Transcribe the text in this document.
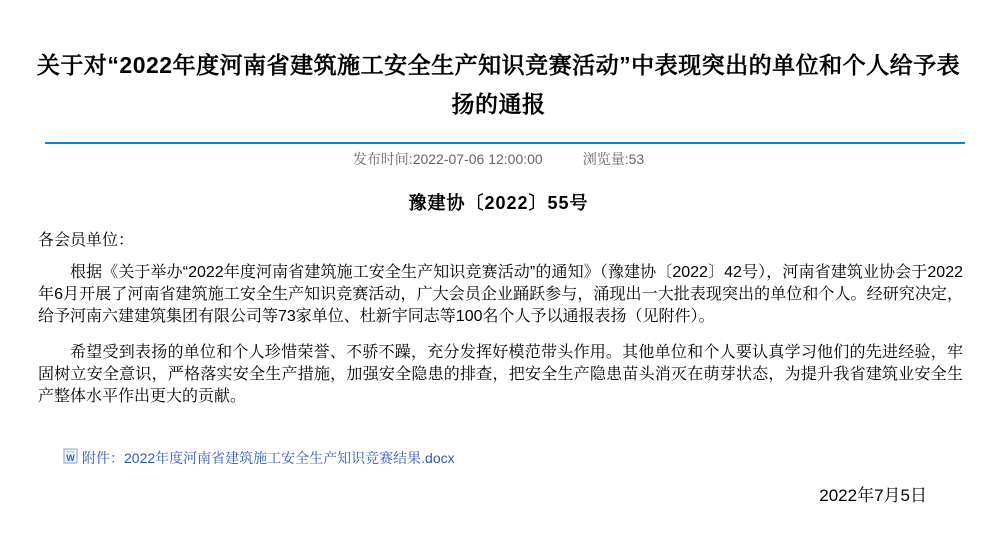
关于对“2022年度河南省建筑施工安全生产知识竞赛活动”中表现突出的单位和个人给予表扬的通报
发布时间:2022-07-06 12:00:00	浏览量:53
豫建协〔2022〕55号
各会员单位：

根据《关于举办“2022年度河南省建筑施工安全生产知识竞赛活动”的通知》（豫建协〔2022〕42号），河南省建筑业协会于2022年6月开展了河南省建筑施工安全生产知识竞赛活动，广大会员企业踊跃参与，涌现出一大批表现突出的单位和个人。经研究决定，给予河南六建建筑集团有限公司等73家单位、杜新宇同志等100名个人予以通报表扬（见附件）。

希望受到表扬的单位和个人珍惜荣誉、不骄不躁，充分发挥好模范带头作用。其他单位和个人要认真学习他们的先进经验，牢固树立安全意识，严格落实安全生产措施，加强安全隐患的排查，把安全生产隐患苗头消灭在萌芽状态，为提升我省建筑业安全生产整体水平作出更大的贡献。

W 附件：2022年度河南省建筑施工安全生产知识竞赛结果.docx
2022年7月5日
